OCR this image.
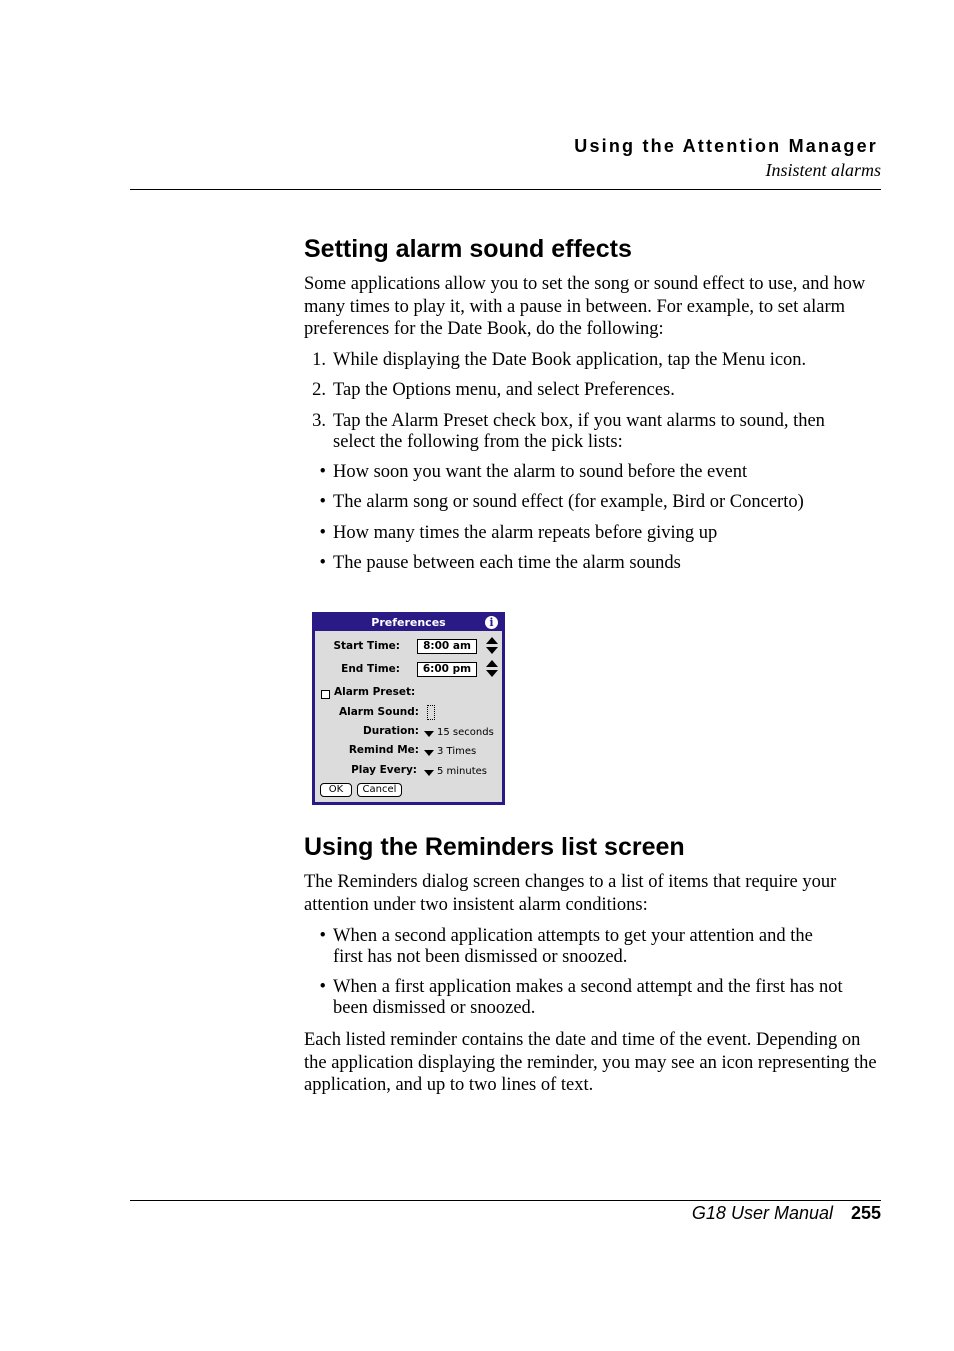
Using the Attention Manager
Insistent alarms
Setting alarm sound effects
Some applications allow you to set the song or sound effect to use, and how many times to play it, with a pause in between. For example, to set alarm preferences for the Date Book, do the following:
1. While displaying the Date Book application, tap the Menu icon.
2. Tap the Options menu, and select Preferences.
3. Tap the Alarm Preset check box, if you want alarms to sound, then select the following from the pick lists:
• How soon you want the alarm to sound before the event
• The alarm song or sound effect (for example, Bird or Concerto)
• How many times the alarm repeats before giving up
• The pause between each time the alarm sounds
Preferences	i
Start Time:	8:00 am
End Time:	6:00 pm
Alarm Preset:
Alarm Sound:
Duration: 15 seconds
Remind Me: 3 Times
Play Every: 5 minutes
OK	Cancel
Using the Reminders list screen
The Reminders dialog screen changes to a list of items that require your attention under two insistent alarm conditions:
• When a second application attempts to get your attention and the first has not been dismissed or snoozed.
• When a first application makes a second attempt and the first has not been dismissed or snoozed.
Each listed reminder contains the date and time of the event. Depending on the application displaying the reminder, you may see an icon representing the application, and up to two lines of text.
G18 User Manual 255
